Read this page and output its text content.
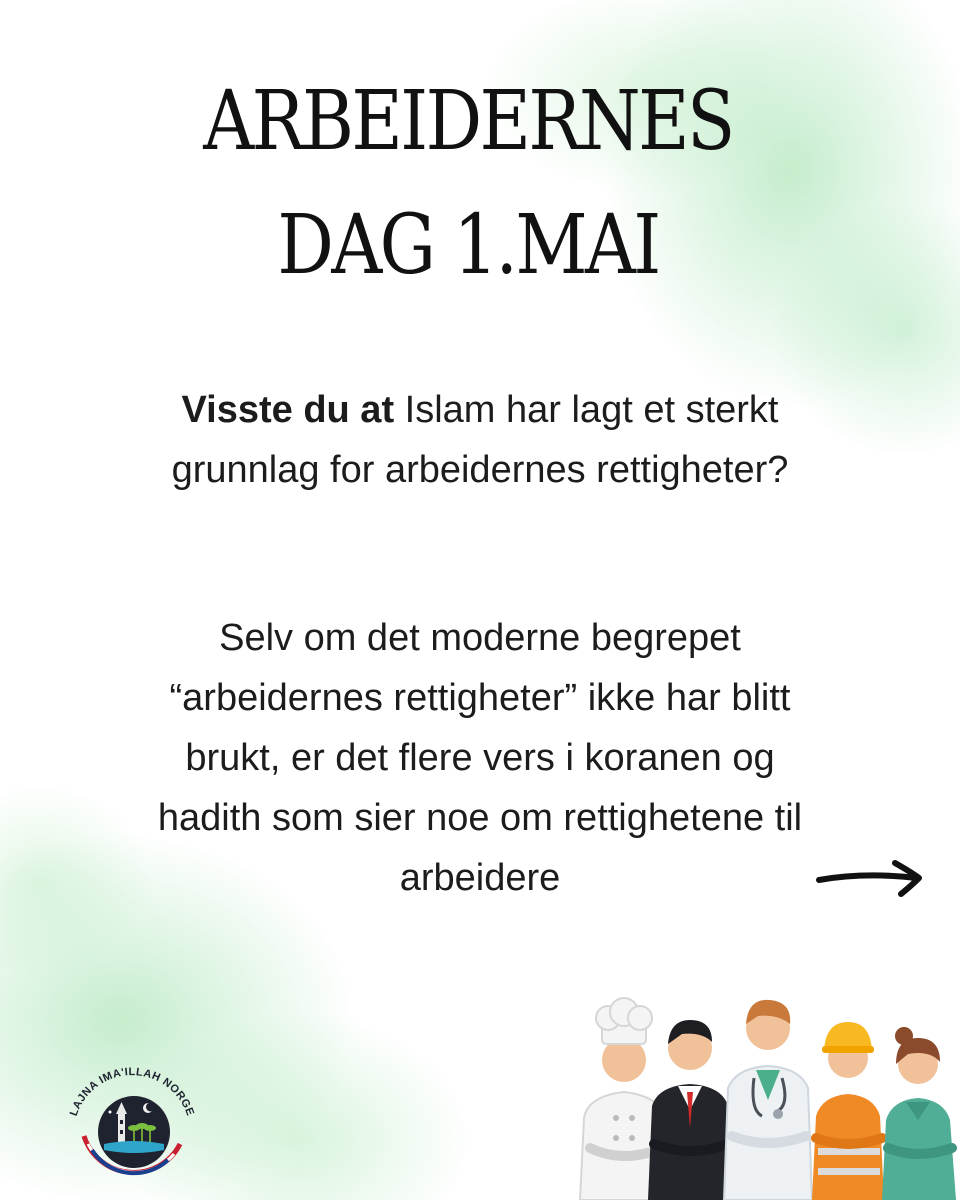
ARBEIDERNES
DAG 1.MAI

Visste du at Islam har lagt et sterkt grunnlag for arbeidernes rettigheter?

Selv om det moderne begrepet “arbeidernes rettigheter” ikke har blitt brukt, er det flere vers i koranen og hadith som sier noe om rettighetene til arbeidere

LAJNA IMA'ILLAH NORGE
